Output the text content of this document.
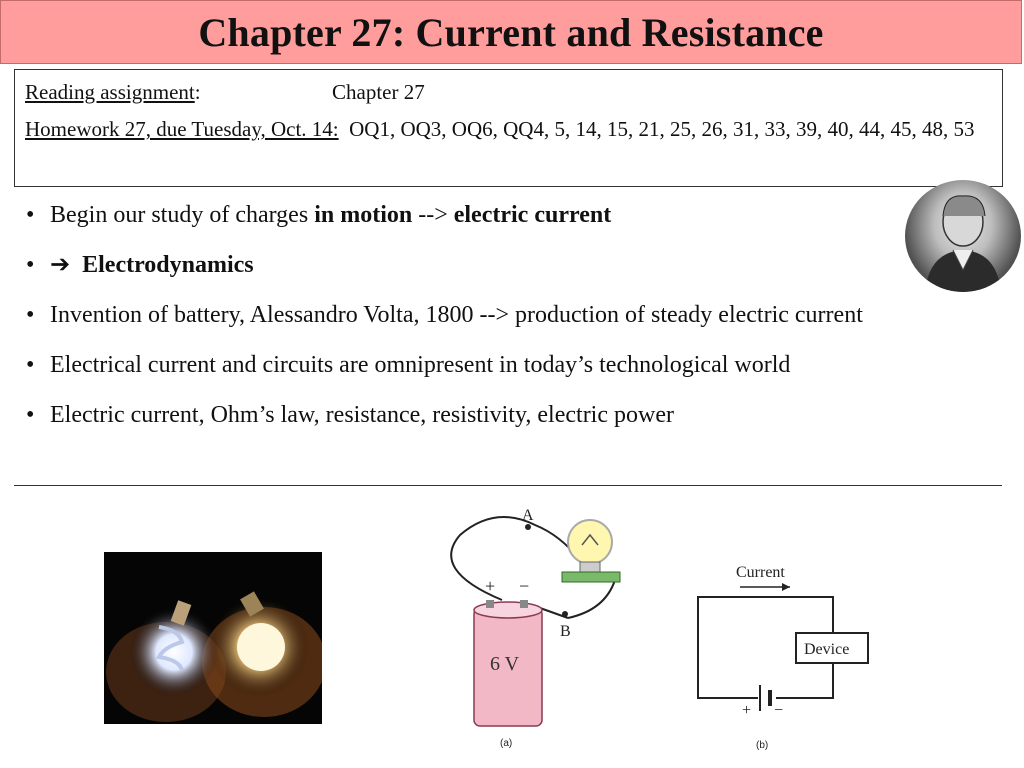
Chapter 27: Current and Resistance
Reading assignment:	Chapter 27
Homework 27, due Tuesday, Oct. 14: OQ1, OQ3, OQ6, QQ4, 5, 14, 15, 21, 25, 26, 31, 33, 39, 40, 44, 45, 48, 53
• Begin our study of charges in motion --> electric current
• ➔ Electrodynamics
• Invention of battery, Alessandro Volta, 1800 --> production of steady electric current
• Electrical current and circuits are omnipresent in today’s technological world
• Electric current, Ohm’s law, resistance, resistivity, electric power
A
B
+ −
6 V
(a)
Current
Device
+ −
(b)
